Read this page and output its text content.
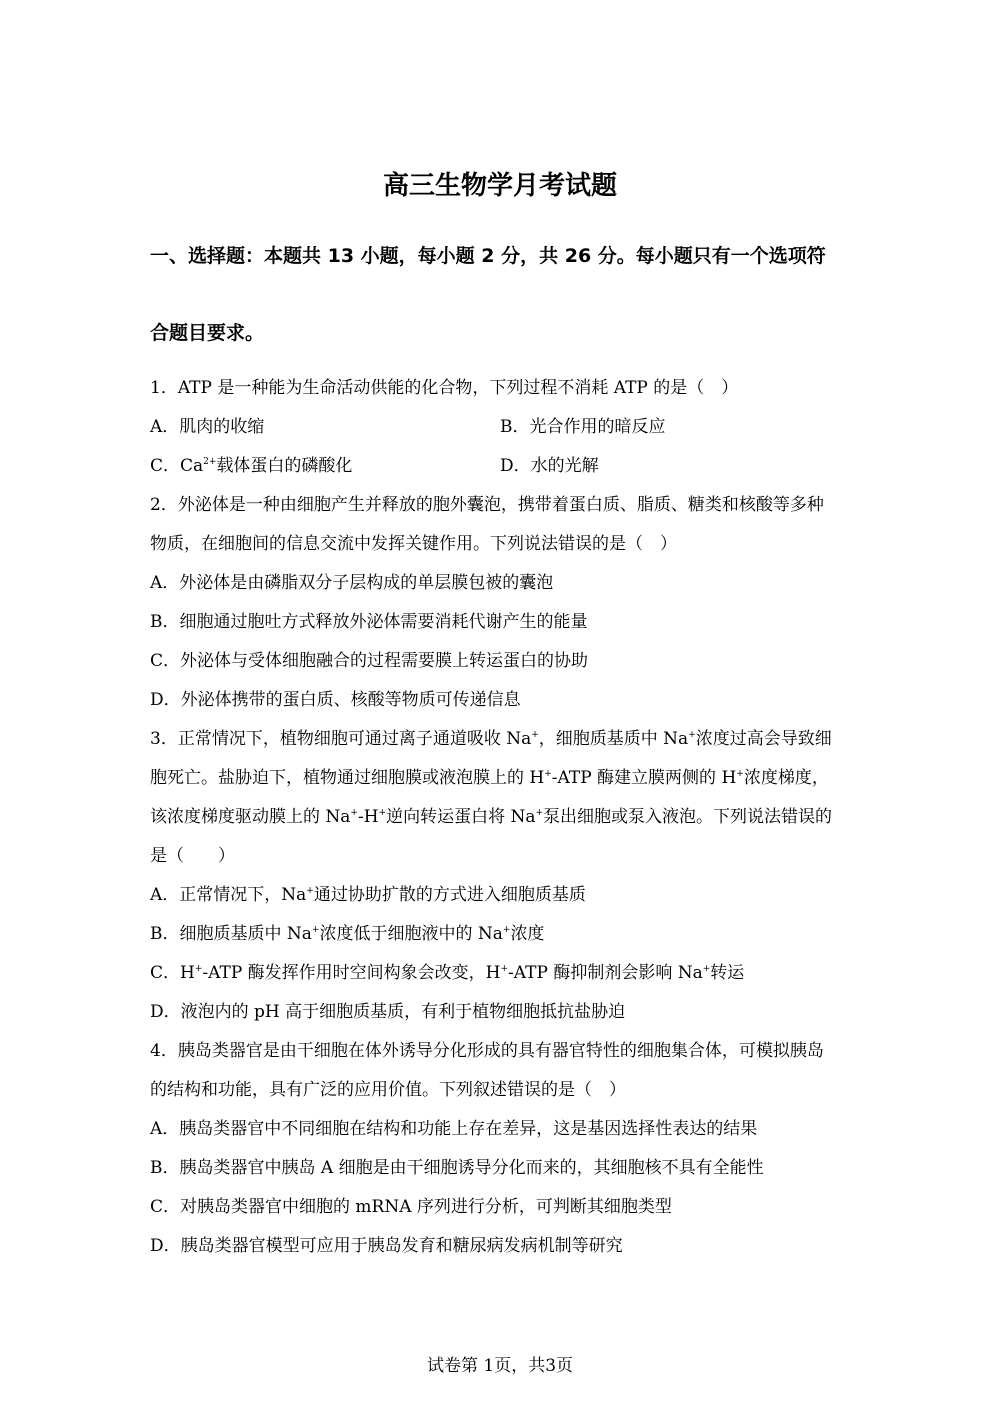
高三生物学月考试题
一、选择题：本题共 13 小题，每小题 2 分，共 26 分。每小题只有一个选项符
合题目要求。
1．ATP 是一种能为生命活动供能的化合物，下列过程不消耗 ATP 的是（　）
A．肌肉的收缩	B．光合作用的暗反应
C．$Ca^{2+}$载体蛋白的磷酸化	D．水的光解
2．外泌体是一种由细胞产生并释放的胞外囊泡，携带着蛋白质、脂质、糖类和核酸等多种
物质，在细胞间的信息交流中发挥关键作用。下列说法错误的是（　）
A．外泌体是由磷脂双分子层构成的单层膜包被的囊泡
B．细胞通过胞吐方式释放外泌体需要消耗代谢产生的能量
C．外泌体与受体细胞融合的过程需要膜上转运蛋白的协助
D．外泌体携带的蛋白质、核酸等物质可传递信息
3．正常情况下，植物细胞可通过离子通道吸收 Na+，细胞质基质中 Na+浓度过高会导致细
胞死亡。盐胁迫下，植物通过细胞膜或液泡膜上的 H+-ATP 酶建立膜两侧的 H+浓度梯度，
该浓度梯度驱动膜上的 Na+-H+逆向转运蛋白将 Na+泵出细胞或泵入液泡。下列说法错误的
是（　　）
A．正常情况下，Na+通过协助扩散的方式进入细胞质基质
B．细胞质基质中 Na+浓度低于细胞液中的 Na+浓度
C．H+-ATP 酶发挥作用时空间构象会改变，H+-ATP 酶抑制剂会影响 Na+转运
D．液泡内的 pH 高于细胞质基质，有利于植物细胞抵抗盐胁迫
4．胰岛类器官是由干细胞在体外诱导分化形成的具有器官特性的细胞集合体，可模拟胰岛
的结构和功能，具有广泛的应用价值。下列叙述错误的是（　）
A．胰岛类器官中不同细胞在结构和功能上存在差异，这是基因选择性表达的结果
B．胰岛类器官中胰岛 A 细胞是由干细胞诱导分化而来的，其细胞核不具有全能性
C．对胰岛类器官中细胞的 mRNA 序列进行分析，可判断其细胞类型
D．胰岛类器官模型可应用于胰岛发育和糖尿病发病机制等研究
试卷第 1页，共3页
